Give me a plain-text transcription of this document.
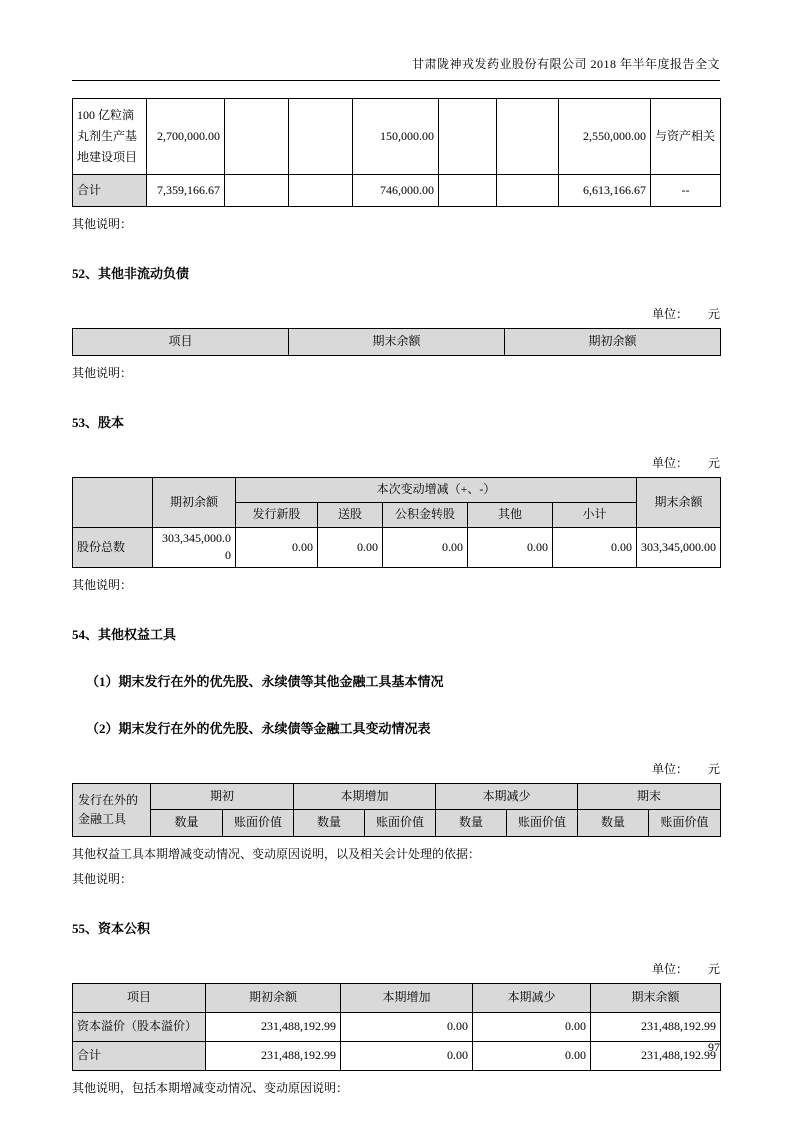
甘肃陇神戎发药业股份有限公司 2018 年半年度报告全文
100 亿粒滴丸剂生产基地建设项目	2,700,000.00			150,000.00			2,550,000.00	与资产相关
合计	7,359,166.67			746,000.00			6,613,166.67	--
其他说明：
52、其他非流动负债
单位： 元
项目	期末余额	期初余额
其他说明：
53、股本
单位： 元
	期初余额	本次变动增减（+、-）					期末余额
		发行新股	送股	公积金转股	其他	小计	
股份总数	303,345,000.00	0.00	0.00	0.00	0.00	0.00	303,345,000.00
其他说明：
54、其他权益工具
（1）期末发行在外的优先股、永续债等其他金融工具基本情况
（2）期末发行在外的优先股、永续债等金融工具变动情况表
单位： 元
发行在外的金融工具	期初		本期增加		本期减少		期末	
	数量	账面价值	数量	账面价值	数量	账面价值	数量	账面价值
其他权益工具本期增减变动情况、变动原因说明，以及相关会计处理的依据：
其他说明：
55、资本公积
单位： 元
项目	期初余额	本期增加	本期减少	期末余额
资本溢价（股本溢价）	231,488,192.99	0.00	0.00	231,488,192.99
合计	231,488,192.99	0.00	0.00	231,488,192.99
其他说明，包括本期增减变动情况、变动原因说明：
97
